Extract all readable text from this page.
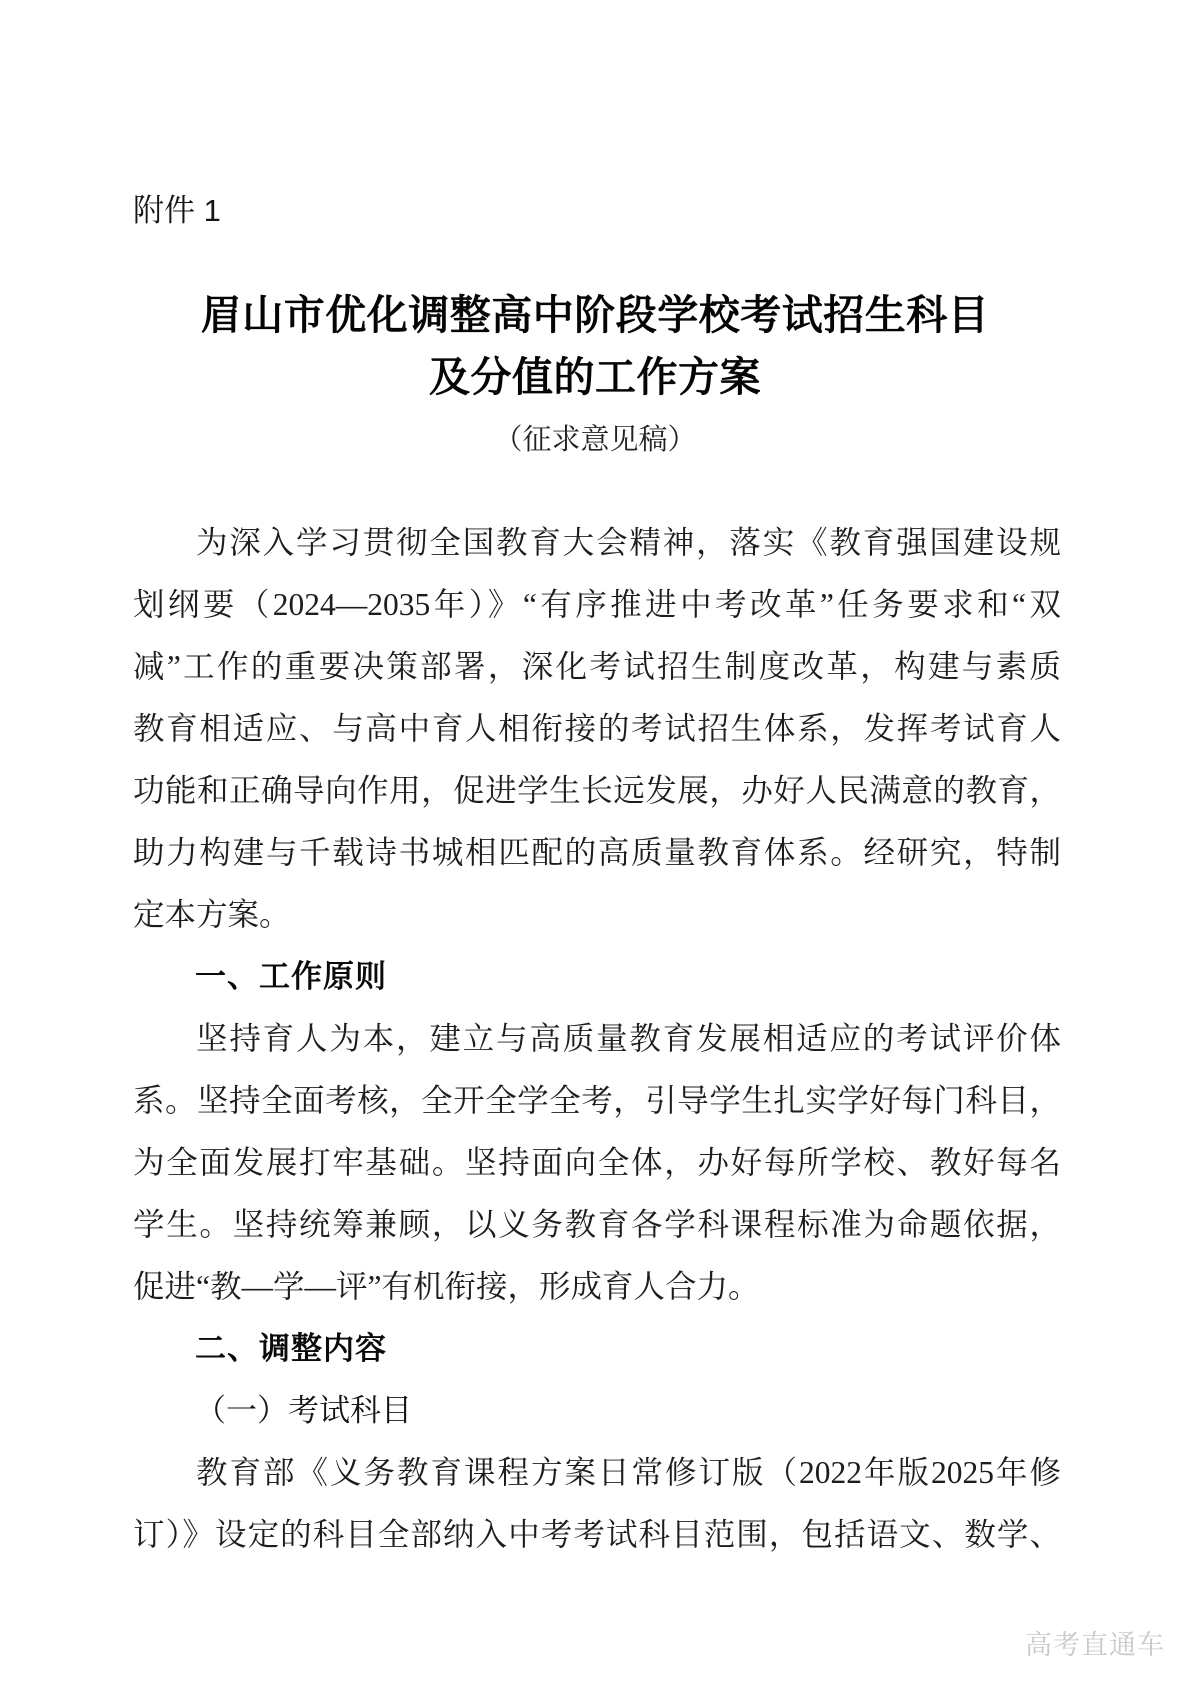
附件 1
眉山市优化调整高中阶段学校考试招生科目
及分值的工作方案
（征求意见稿）
为深入学习贯彻全国教育大会精神，落实《教育强国建设规
划纲要（2024—2035年）》“有序推进中考改革”任务要求和“双
减”工作的重要决策部署，深化考试招生制度改革，构建与素质
教育相适应、与高中育人相衔接的考试招生体系，发挥考试育人
功能和正确导向作用，促进学生长远发展，办好人民满意的教育，
助力构建与千载诗书城相匹配的高质量教育体系。经研究，特制
定本方案。
一、工作原则
坚持育人为本，建立与高质量教育发展相适应的考试评价体
系。坚持全面考核，全开全学全考，引导学生扎实学好每门科目，
为全面发展打牢基础。坚持面向全体，办好每所学校、教好每名
学生。坚持统筹兼顾，以义务教育各学科课程标准为命题依据，
促进“教—学—评”有机衔接，形成育人合力。
二、调整内容
（一）考试科目
教育部《义务教育课程方案日常修订版（2022年版2025年修
订）》设定的科目全部纳入中考考试科目范围，包括语文、数学、
高考直通车
